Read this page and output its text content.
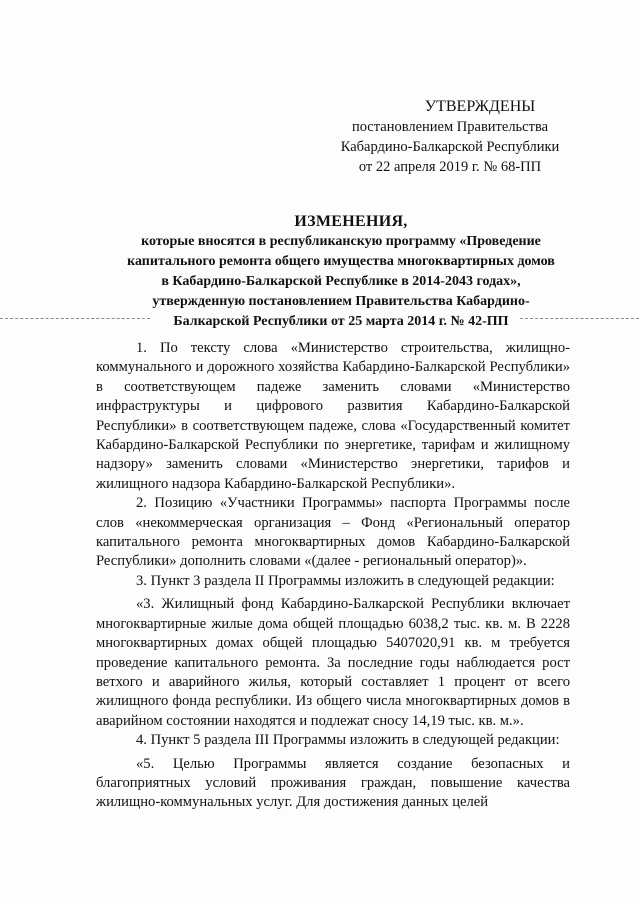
УТВЕРЖДЕНЫ
постановлением Правительства
Кабардино-Балкарской Республики
от 22 апреля 2019 г. № 68-ПП
ИЗМЕНЕНИЯ,
которые вносятся в республиканскую программу «Проведение
капитального ремонта общего имущества многоквартирных домов
в Кабардино-Балкарской Республике в 2014-2043 годах»,
утвержденную постановлением Правительства Кабардино-
Балкарской Республики от 25 марта 2014 г. № 42-ПП

1. По тексту слова «Министерство строительства, жилищно-коммунального и дорожного хозяйства Кабардино-Балкарской Республики» в соответствующем падеже заменить словами «Министерство инфраструктуры и цифрового развития Кабардино-Балкарской Республики» в соответствующем падеже, слова «Государственный комитет Кабардино-Балкарской Республики по энергетике, тарифам и жилищному надзору» заменить словами «Министерство энергетики, тарифов и жилищного надзора Кабардино-Балкарской Республики».

2. Позицию «Участники Программы» паспорта Программы после слов «некоммерческая организация – Фонд «Региональный оператор капитального ремонта многоквартирных домов Кабардино-Балкарской Республики» дополнить словами «(далее - региональный оператор)».

3. Пункт 3 раздела II Программы изложить в следующей редакции:

«3. Жилищный фонд Кабардино-Балкарской Республики включает многоквартирные жилые дома общей площадью 6038,2 тыс. кв. м. В 2228 многоквартирных домах общей площадью 5407020,91 кв. м требуется проведение капитального ремонта. За последние годы наблюдается рост ветхого и аварийного жилья, который составляет 1 процент от всего жилищного фонда республики. Из общего числа многоквартирных домов в аварийном состоянии находятся и подлежат сносу 14,19 тыс. кв. м.».

4. Пункт 5 раздела III Программы изложить в следующей редакции:

«5. Целью Программы является создание безопасных и благоприятных условий проживания граждан, повышение качества жилищно-коммунальных услуг. Для достижения данных целей
